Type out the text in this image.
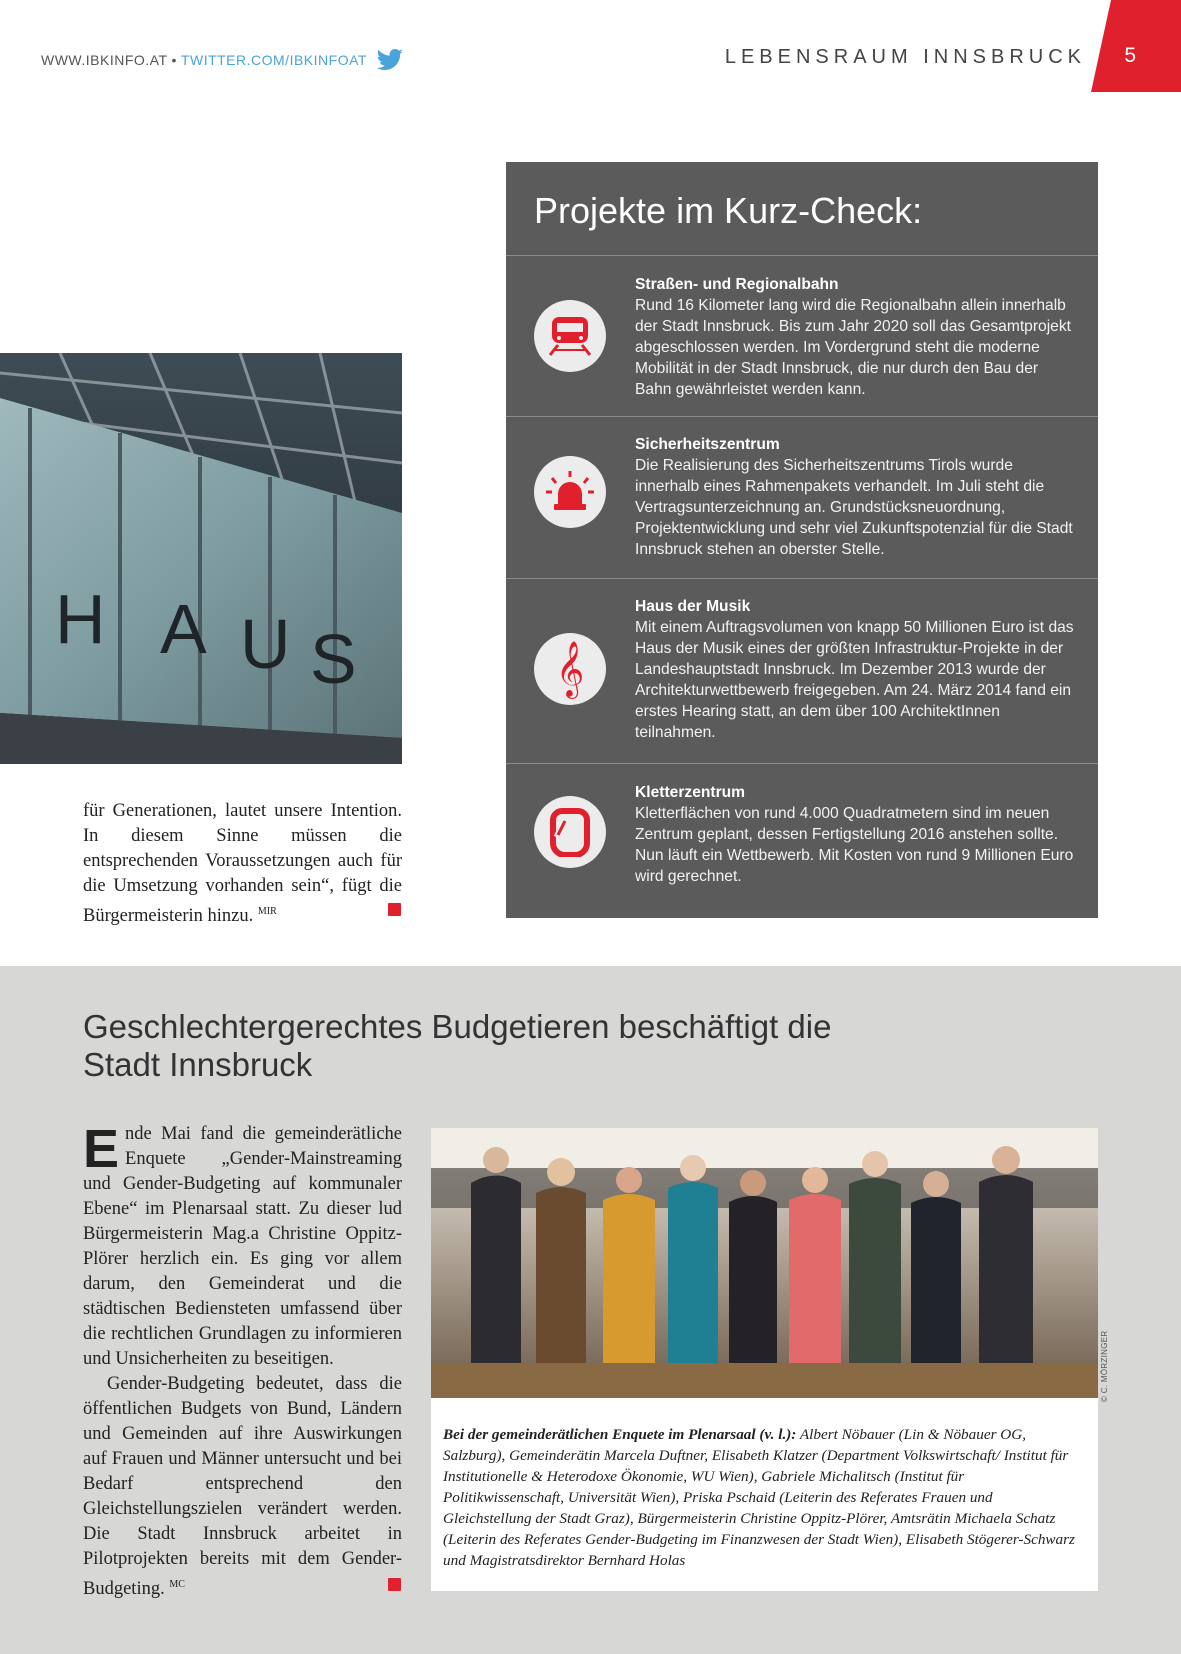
WWW.IBKINFO.AT • TWITTER.COM/IBKINFOAT	LEBENSRAUM INNSBRUCK 5
H A U S
für Generationen, lautet unsere Intention. In diesem Sinne müssen die entsprechenden Voraussetzungen auch für die Umsetzung vorhanden sein“, fügt die Bürgermeisterin hinzu. $^{MIR}$
Projekte im Kurz-Check:
Straßen- und Regionalbahn
Rund 16 Kilometer lang wird die Regionalbahn allein innerhalb der Stadt Innsbruck. Bis zum Jahr 2020 soll das Gesamtprojekt abgeschlossen werden. Im Vordergrund steht die moderne Mobilität in der Stadt Innsbruck, die nur durch den Bau der Bahn gewährleistet werden kann.
Sicherheitszentrum
Die Realisierung des Sicherheitszentrums Tirols wurde innerhalb eines Rahmenpakets verhandelt. Im Juli steht die Vertragsunterzeichnung an. Grundstücksneuordnung, Projektentwicklung und sehr viel Zukunftspotenzial für die Stadt Innsbruck stehen an oberster Stelle.
𝄞
Haus der Musik
Mit einem Auftragsvolumen von knapp 50 Millionen Euro ist das Haus der Musik eines der größten Infrastruktur-Projekte in der Landeshauptstadt Innsbruck. Im Dezember 2013 wurde der Architekturwettbewerb freigegeben. Am 24. März 2014 fand ein erstes Hearing statt, an dem über 100 ArchitektInnen teilnahmen.
Kletterzentrum
Kletterflächen von rund 4.000 Quadratmetern sind im neuen Zentrum geplant, dessen Fertigstellung 2016 anstehen sollte. Nun läuft ein Wettbewerb. Mit Kosten von rund 9 Millionen Euro wird gerechnet.
Geschlechtergerechtes Budgetieren beschäftigt die Stadt Innsbruck

Ende Mai fand die gemeinderätliche Enquete „Gender-Mainstreaming und Gender-Budgeting auf kommunaler Ebene“ im Plenarsaal statt. Zu dieser lud Bürgermeisterin Mag.a Christine Oppitz-Plörer herzlich ein. Es ging vor allem darum, den Gemeinderat und die städtischen Bediensteten umfassend über die rechtlichen Grundlagen zu informieren und Unsicherheiten zu beseitigen.

Gender-Budgeting bedeutet, dass die öffentlichen Budgets von Bund, Ländern und Gemeinden auf ihre Auswirkungen auf Frauen und Männer untersucht und bei Bedarf entsprechend den Gleichstellungszielen verändert werden. Die Stadt Innsbruck arbeitet in Pilotprojekten bereits mit dem Gender-Budgeting. $^{MC}$

© C. MÖRZINGER
Bei der gemeinderätlichen Enquete im Plenarsaal (v. l.): Albert Nöbauer (Lin & Nöbauer OG, Salzburg), Gemeinderätin Marcela Duftner, Elisabeth Klatzer (Department Volkswirtschaft/ Institut für Institutionelle & Heterodoxe Ökonomie, WU Wien), Gabriele Michalitsch (Institut für Politikwissenschaft, Universität Wien), Priska Pschaid (Leiterin des Referates Frauen und Gleichstellung der Stadt Graz), Bürgermeisterin Christine Oppitz-Plörer, Amtsrätin Michaela Schatz (Leiterin des Referates Gender-Budgeting im Finanzwesen der Stadt Wien), Elisabeth Stögerer-Schwarz und Magistratsdirektor Bernhard Holas
